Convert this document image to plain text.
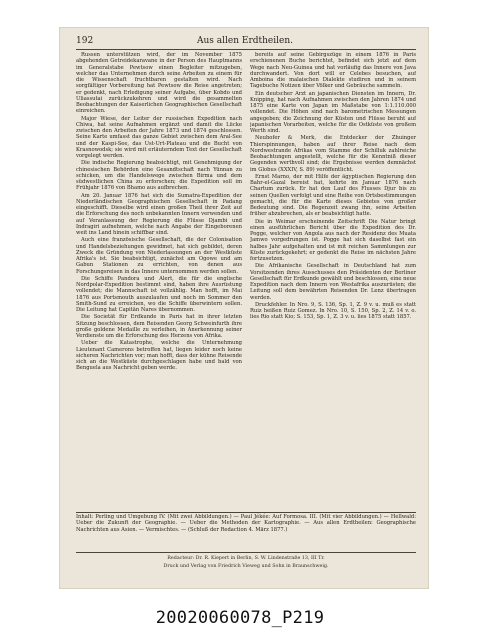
192	Aus allen Erdtheilen.

Russen unterstützen wird, der im November 1875 abgehenden Getreidekaravane in der Person des Hauptmanns im Generalstabe Pewtsow einen Begleiter mitzugeben, welcher das Unternehmen durch seine Arbeiten zu einem für die Wissenschaft fruchtbaren gestalten wird. Nach sorgfältiger Vorbereitung hat Pewtsow die Reise angetreten; er gedenkt, nach Erledigung seiner Aufgabe, über Kobdo und Uliassutai zurückzukehren und wird die gesammelten Beobachtungen der Kaiserlichen Geographischen Gesellschaft einreichen.

Major Wiese, der Leiter der russischen Expedition nach Chiwa, hat seine Aufnahmen ergänzt und damit die Lücke zwischen den Arbeiten der Jahre 1873 und 1874 geschlossen. Seine Karte umfasst das ganze Gebiet zwischen dem Aral-See und der Kaspi-See, das Ust-Urt-Plateau und die Bucht von Krasnowodsk; sie wird mit erläuterndem Text der Gesellschaft vorgelegt werden.

Die indische Regierung beabsichtigt, mit Genehmigung der chinesischen Behörden eine Gesandtschaft nach Yünnan zu schicken, um die Handelswege zwischen Birma und dem südwestlichen China zu erforschen; die Expedition soll im Frühjahr 1876 von Bhamo aus aufbrechen.

Am 20. Januar 1876 hat sich die Sumatra-Expedition der Niederländischen Geographischen Gesellschaft in Padang eingeschifft. Dieselbe wird einen großen Theil ihrer Zeit auf die Erforschung des noch unbekannten Innern verwenden und auf Veranlassung der Regierung die Flüsse Djambi und Indragiri aufnehmen, welche nach Angabe der Eingeborenen weit ins Land hinein schiffbar sind.

Auch eine französische Gesellschaft, die der Colonisation und Handelsbeziehungen gewidmet, hat sich gebildet, deren Zweck die Gründung von Niederlassungen an der Westküste Afrika's ist. Sie beabsichtigt, zunächst am Ogowe und am Gabun Stationen zu errichten, von denen aus Forschungsreisen in das Innere unternommen werden sollen.

Die Schiffe Pandora und Alert, die für die englische Nordpolar-Expedition bestimmt sind, haben ihre Ausrüstung vollendet; die Mannschaft ist vollzählig. Man hofft, im Mai 1876 aus Portsmouth auszulaufen und noch im Sommer den Smith-Sund zu erreichen, wo die Schiffe überwintern sollen. Die Leitung hat Capitän Nares übernommen.

Die Societät für Erdkunde in Paris hat in ihrer letzten Sitzung beschlossen, dem Reisenden Georg Schweinfurth ihre große goldene Medaille zu verleihen, in Anerkennung seiner Verdienste um die Erforschung des Herzens von Afrika.

Ueber die Katastrophe, welche die Unternehmung Lieutenant Camerons betroffen hat, liegen leider noch keine sicheren Nachrichten vor; man hofft, dass der kühne Reisende sich an die Westküste durchgeschlagen habe und bald von Benguela aus Nachricht geben werde.

bereits auf seine Gebirgszüge in einem 1876 in Paris erschienenen Buche berichtet, befindet sich jetzt auf dem Wege nach Neu-Guinea und hat vorläufig das Innere von Java durchwandert. Von dort will er Celebes besuchen, auf Amboina die malaischen Dialekte studiren und in seinem Tagebuche Notizen über Völker und Gebräuche sammeln.

Ein deutscher Arzt an japanischen Diensten im Innern, Dr. Knipping, hat nach Aufnahmen zwischen den Jahren 1874 und 1875 eine Karte von Japan im Maßstabe von 1:1.110.000 vollendet. Die Höhen sind nach barometrischen Messungen angegeben; die Zeichnung der Küsten und Flüsse beruht auf japanischen Vorarbeiten, welche für die Ostküste von großem Werth sind.

Neuhofer & Merk, die Entdecker der Zhuinger Thierspinnungen, haben auf ihrer Reise nach dem Nordwestrande Afrikas vom Stamme der Schilluk zahlreiche Beobachtungen angestellt, welche für die Kenntniß dieser Gegenden werthvoll sind; die Ergebnisse werden demnächst im Globus (XXXIV, S. 89) veröffentlicht.

Ernst Marno, der mit Hilfe der ägyptischen Regierung den Bahr-el-Gazal bereist hat, kehrte im Januar 1876 nach Chartum zurück. Er hat den Lauf des Flusses Djur bis zu seinen Quellen verfolgt und eine Reihe von Ortsbestimmungen gemacht, die für die Karte dieses Gebietes von großer Bedeutung sind. Die Regenzeit zwang ihn, seine Arbeiten früher abzubrechen, als er beabsichtigt hatte.

Die in Weimar erscheinende Zeitschrift Die Natur bringt einen ausführlichen Bericht über die Expedition des Dr. Pogge, welcher von Angola aus nach der Residenz des Muata Jamwo vorgedrungen ist. Pogge hat sich daselbst fast ein halbes Jahr aufgehalten und ist mit reichen Sammlungen zur Küste zurückgekehrt; er gedenkt die Reise im nächsten Jahre fortzusetzen.

Die Afrikanische Gesellschaft in Deutschland hat zum Vorsitzenden ihres Ausschusses den Präsidenten der Berliner Gesellschaft für Erdkunde gewählt und beschlossen, eine neue Expedition nach dem Innern von Westafrika auszurüsten; die Leitung soll dem bewährten Reisenden Dr. Lenz übertragen werden.

Druckfehler. In Nro. 9, S. 136, Sp. 1, Z. 9 v. u. muß es statt Ruiz heißen Ruiz Gomez. In Nro. 10, S. 150, Sp. 2, Z. 14 v. o. lies Rio statt Kio; S. 153, Sp. 1, Z. 3 v. u. lies 1875 statt 1857.

Inhalt: Perling und Umgebung IV. (Mit zwei Abbildungen.) — Paul Jékée: Auf Formosa. III. (Mit vier Abbildungen.) — Hellwald: Ueber die Zukunft der Geographie. — Ueber die Methoden der Kartographie. — Aus allen Erdtheilen: Geographische Nachrichten aus Asien. — Vermischtes. — (Schluß der Redaction 4. März 1877.)
Redacteur: Dr. R. Kiepert in Berlin, S. W. Lindenstraße 13, III Tr.
Druck und Verlag von Friedrich Vieweg und Sohn in Braunschweig.
20020060078_P219
